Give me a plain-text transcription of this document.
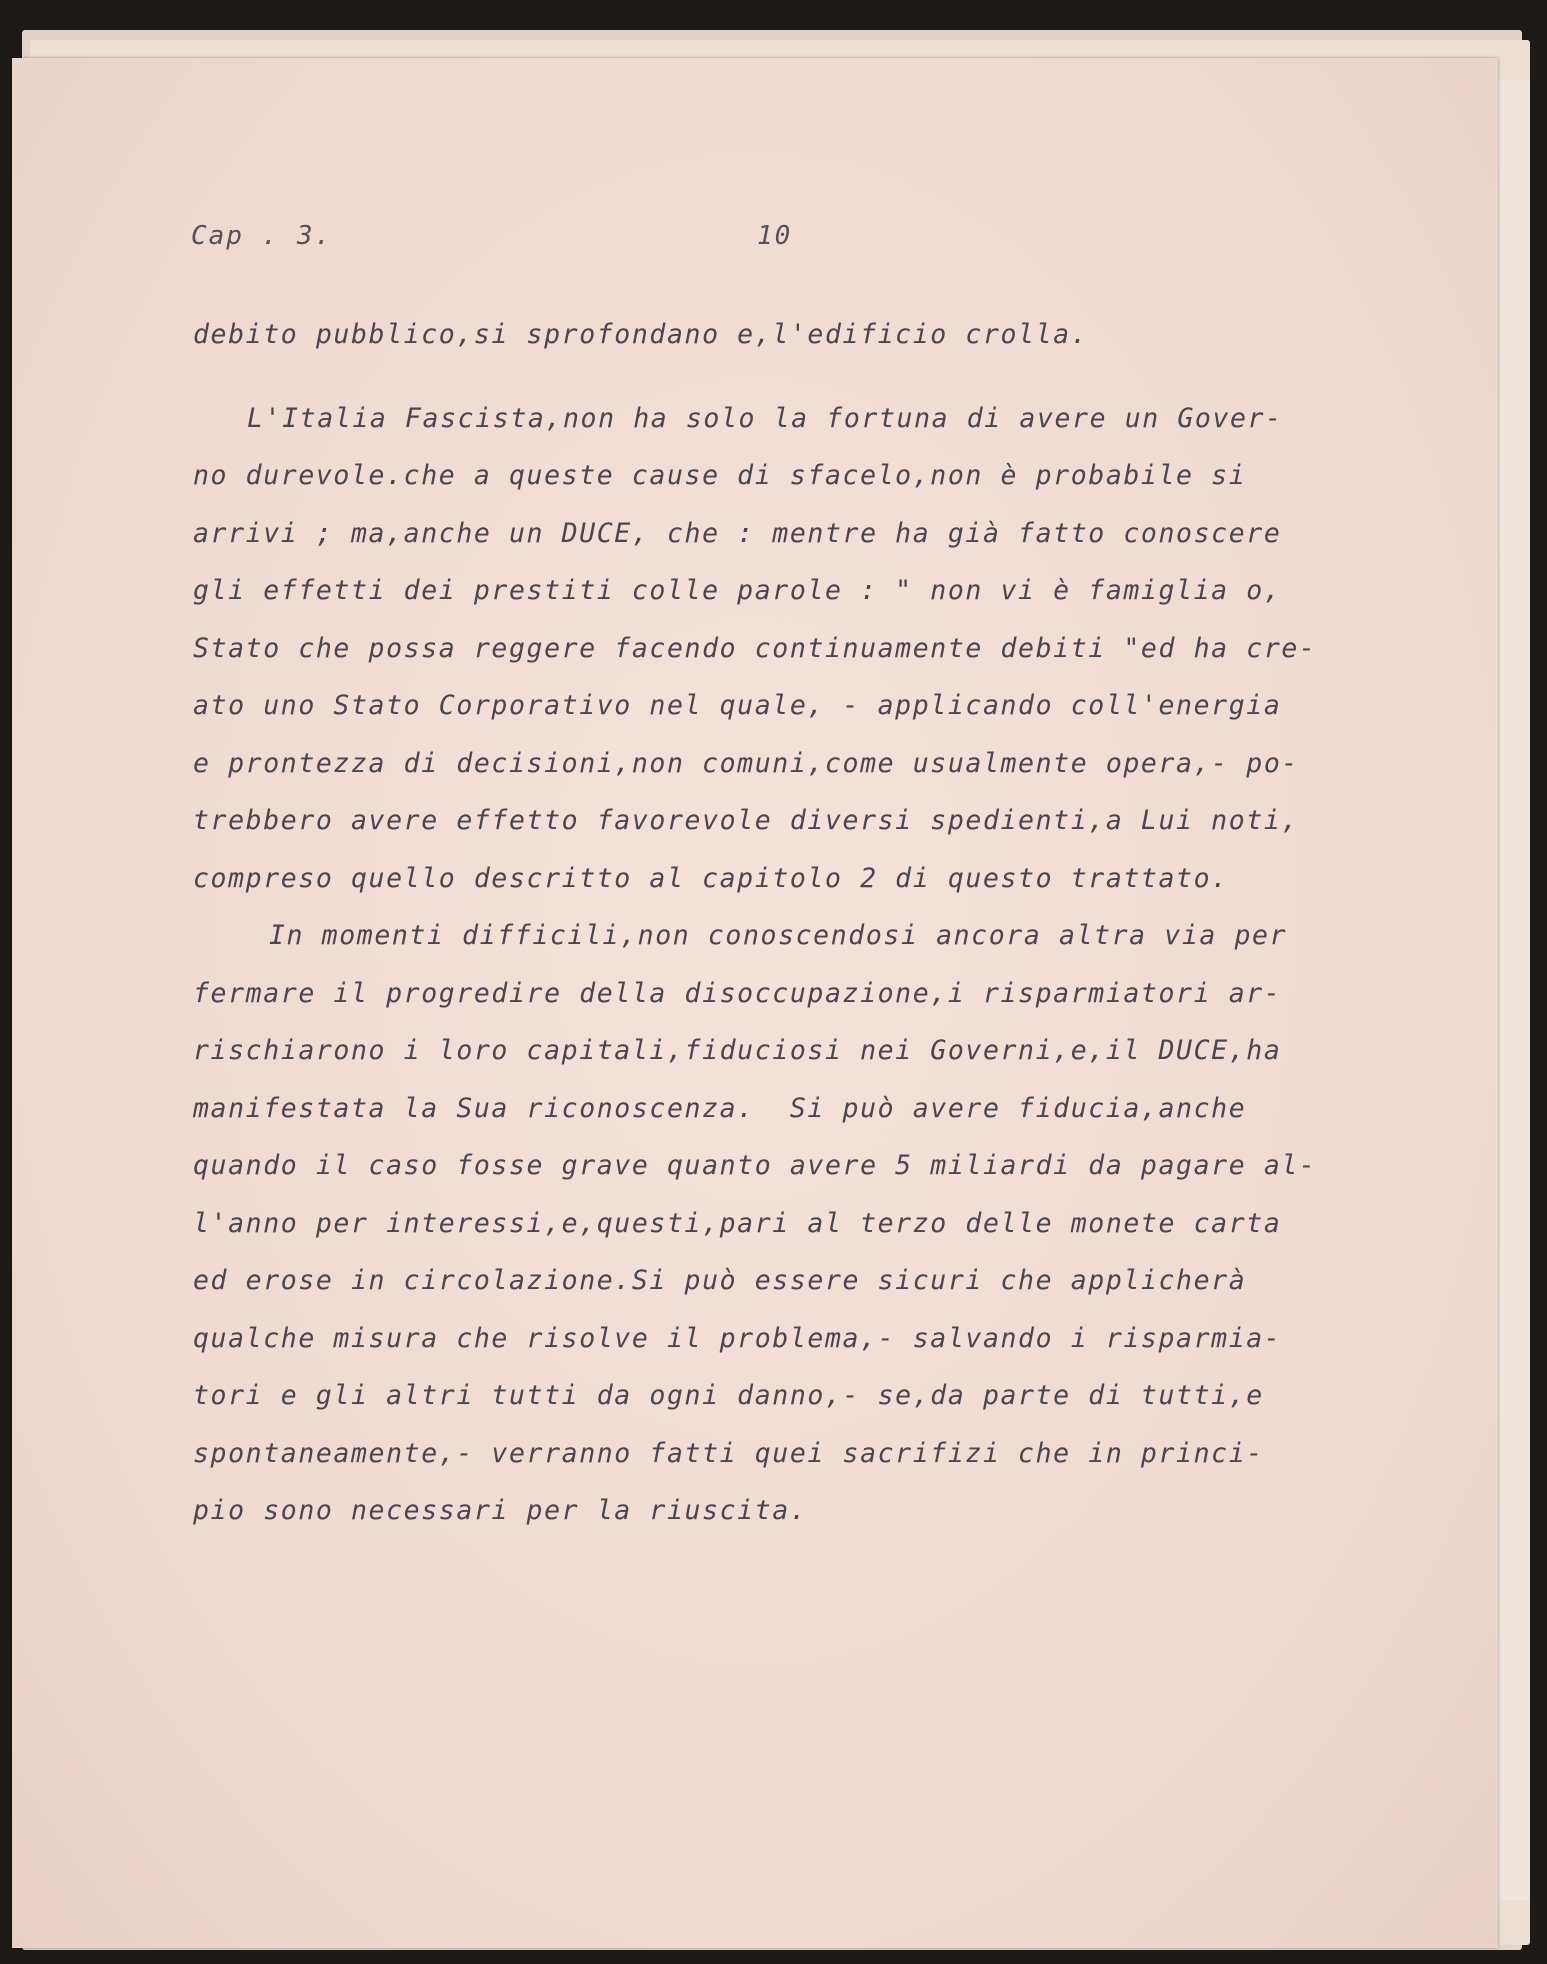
Cap . 3.	10
debito pubblico,si sprofondano e,l'edificio crolla.
L'Italia Fascista,non ha solo la fortuna di avere un Gover-
no durevole.che a queste cause di sfacelo,non è probabile si
arrivi ; ma,anche un DUCE, che : mentre ha già fatto conoscere
gli effetti dei prestiti colle parole : " non vi è famiglia o,
Stato che possa reggere facendo continuamente debiti "ed ha cre-
ato uno Stato Corporativo nel quale, - applicando coll'energia
e prontezza di decisioni,non comuni,come usualmente opera,- po-
trebbero avere effetto favorevole diversi spedienti,a Lui noti,
compreso quello descritto al capitolo 2 di questo trattato.
In momenti difficili,non conoscendosi ancora altra via per
fermare il progredire della disoccupazione,i risparmiatori ar-
rischiarono i loro capitali,fiduciosi nei Governi,e,il DUCE,ha
manifestata la Sua riconoscenza.  Si può avere fiducia,anche
quando il caso fosse grave quanto avere 5 miliardi da pagare al-
l'anno per interessi,e,questi,pari al terzo delle monete carta
ed erose in circolazione.Si può essere sicuri che applicherà
qualche misura che risolve il problema,- salvando i risparmia-
tori e gli altri tutti da ogni danno,- se,da parte di tutti,e
spontaneamente,- verranno fatti quei sacrifizi che in princi-
pio sono necessari per la riuscita.
